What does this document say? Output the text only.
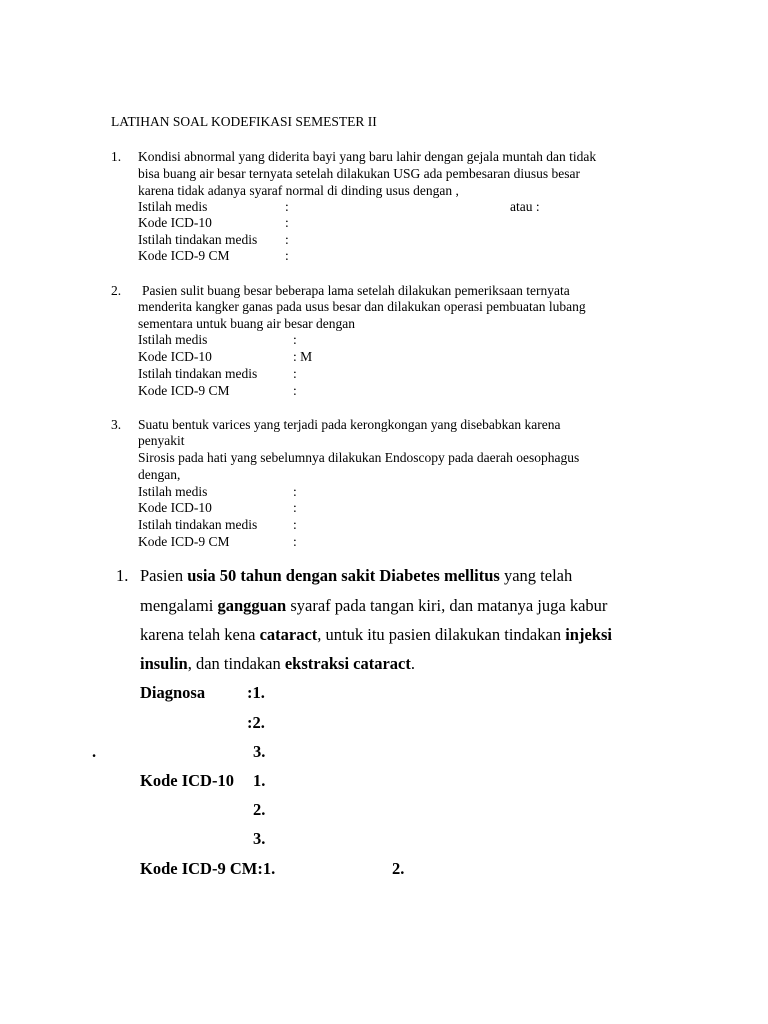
LATIHAN SOAL KODEFIKASI SEMESTER II
1. Kondisi abnormal yang diderita bayi yang baru lahir dengan gejala muntah dan tidak
bisa buang air besar ternyata setelah dilakukan USG ada pembesaran diusus besar
karena tidak adanya syaraf normal di dinding usus dengan ,
Istilah medis	:	atau :
Kode ICD-10	:
Istilah tindakan medis :
Kode ICD-9 CM	:
2. Pasien sulit buang besar beberapa lama setelah dilakukan pemeriksaan ternyata
menderita kangker ganas pada usus besar dan dilakukan operasi pembuatan lubang
sementara untuk buang air besar dengan
Istilah medis	:
Kode ICD-10	: M
Istilah tindakan medis	:
Kode ICD-9 CM	:
3. Suatu bentuk varices yang terjadi pada kerongkongan yang disebabkan karena
penyakit
Sirosis pada hati yang sebelumnya dilakukan Endoscopy pada daerah oesophagus
dengan,
Istilah medis	:
Kode ICD-10	:
Istilah tindakan medis	:
Kode ICD-9 CM	:
1. Pasien usia 50 tahun dengan sakit Diabetes mellitus yang telah
mengalami gangguan syaraf pada tangan kiri, dan matanya juga kabur
karena telah kena cataract, untuk itu pasien dilakukan tindakan injeksi
insulin, dan tindakan ekstraksi cataract.
Diagnosa	:1.
:2.
.	3.
Kode ICD-10 1.
2.
3.
Kode ICD-9 CM:1.	2.
